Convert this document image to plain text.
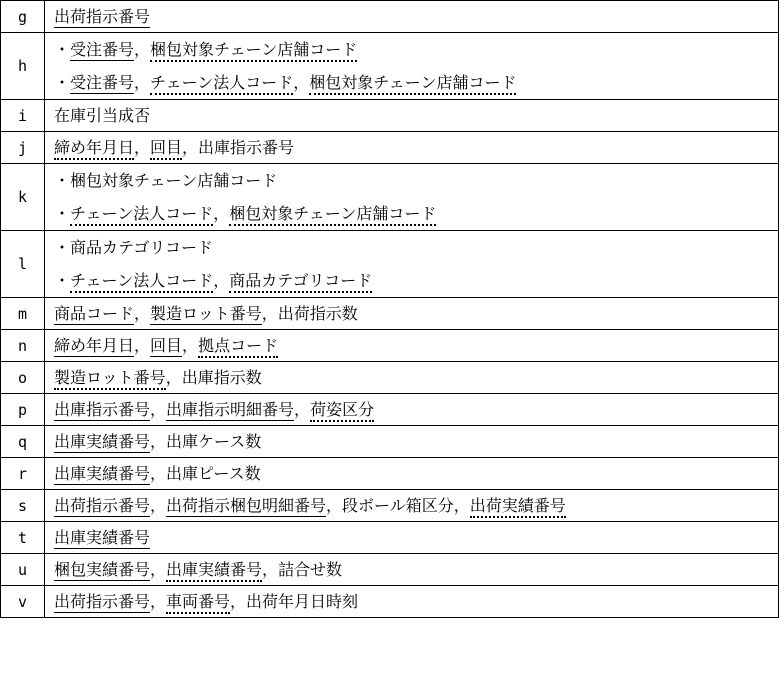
g	出荷指示番号

h	・受注番号，梱包対象チェーン店舗コード
・受注番号，チェーン法人コード，梱包対象チェーン店舗コード

i	在庫引当成否

j	締め年月日，回目，出庫指示番号

k	・梱包対象チェーン店舗コード
・チェーン法人コード，梱包対象チェーン店舗コード

l	・商品カテゴリコード
・チェーン法人コード，商品カテゴリコード

m	商品コード，製造ロット番号，出荷指示数

n	締め年月日，回目，拠点コード

o	製造ロット番号，出庫指示数

p	出庫指示番号，出庫指示明細番号，荷姿区分

q	出庫実績番号，出庫ケース数

r	出庫実績番号，出庫ピース数

s	出荷指示番号，出荷指示梱包明細番号，段ボール箱区分，出荷実績番号

t	出庫実績番号

u	梱包実績番号，出庫実績番号，詰合せ数

v	出荷指示番号，車両番号，出荷年月日時刻
